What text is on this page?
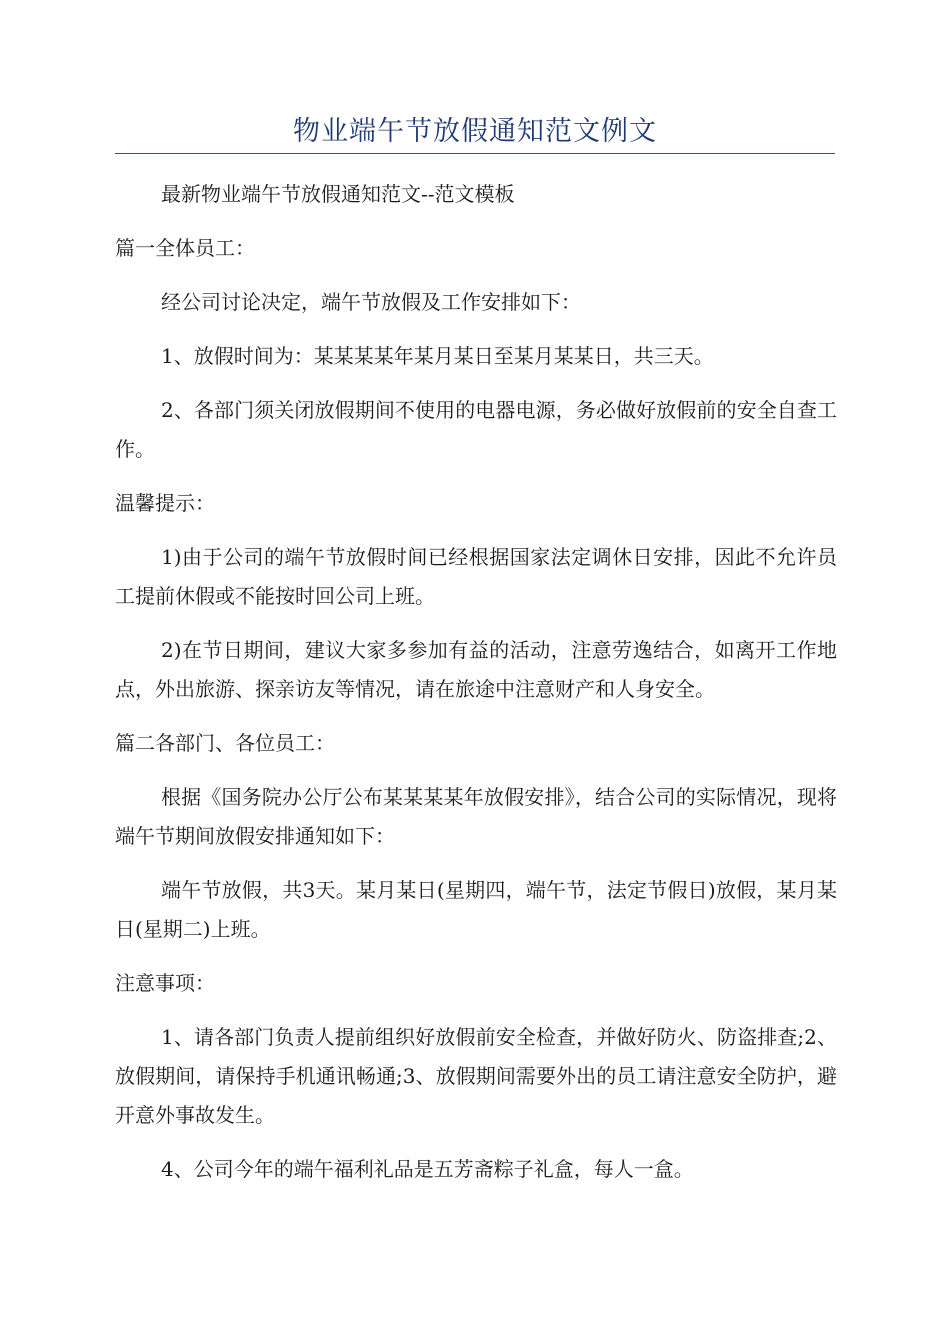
物业端午节放假通知范文例文

最新物业端午节放假通知范文--范文模板

篇一全体员工：

经公司讨论决定，端午节放假及工作安排如下：

1、放假时间为：某某某某年某月某日至某月某某日，共三天。

2、各部门须关闭放假期间不使用的电器电源，务必做好放假前的安全自查工作。

温馨提示：

1)由于公司的端午节放假时间已经根据国家法定调休日安排，因此不允许员工提前休假或不能按时回公司上班。

2)在节日期间，建议大家多参加有益的活动，注意劳逸结合，如离开工作地点，外出旅游、探亲访友等情况，请在旅途中注意财产和人身安全。

篇二各部门、各位员工：

根据《国务院办公厅公布某某某某年放假安排》，结合公司的实际情况，现将端午节期间放假安排通知如下：

端午节放假，共3天。某月某日(星期四，端午节，法定节假日)放假，某月某日(星期二)上班。

注意事项：

1、请各部门负责人提前组织好放假前安全检查，并做好防火、防盗排查;2、放假期间，请保持手机通讯畅通;3、放假期间需要外出的员工请注意安全防护，避开意外事故发生。

4、公司今年的端午福利礼品是五芳斋粽子礼盒，每人一盒。
